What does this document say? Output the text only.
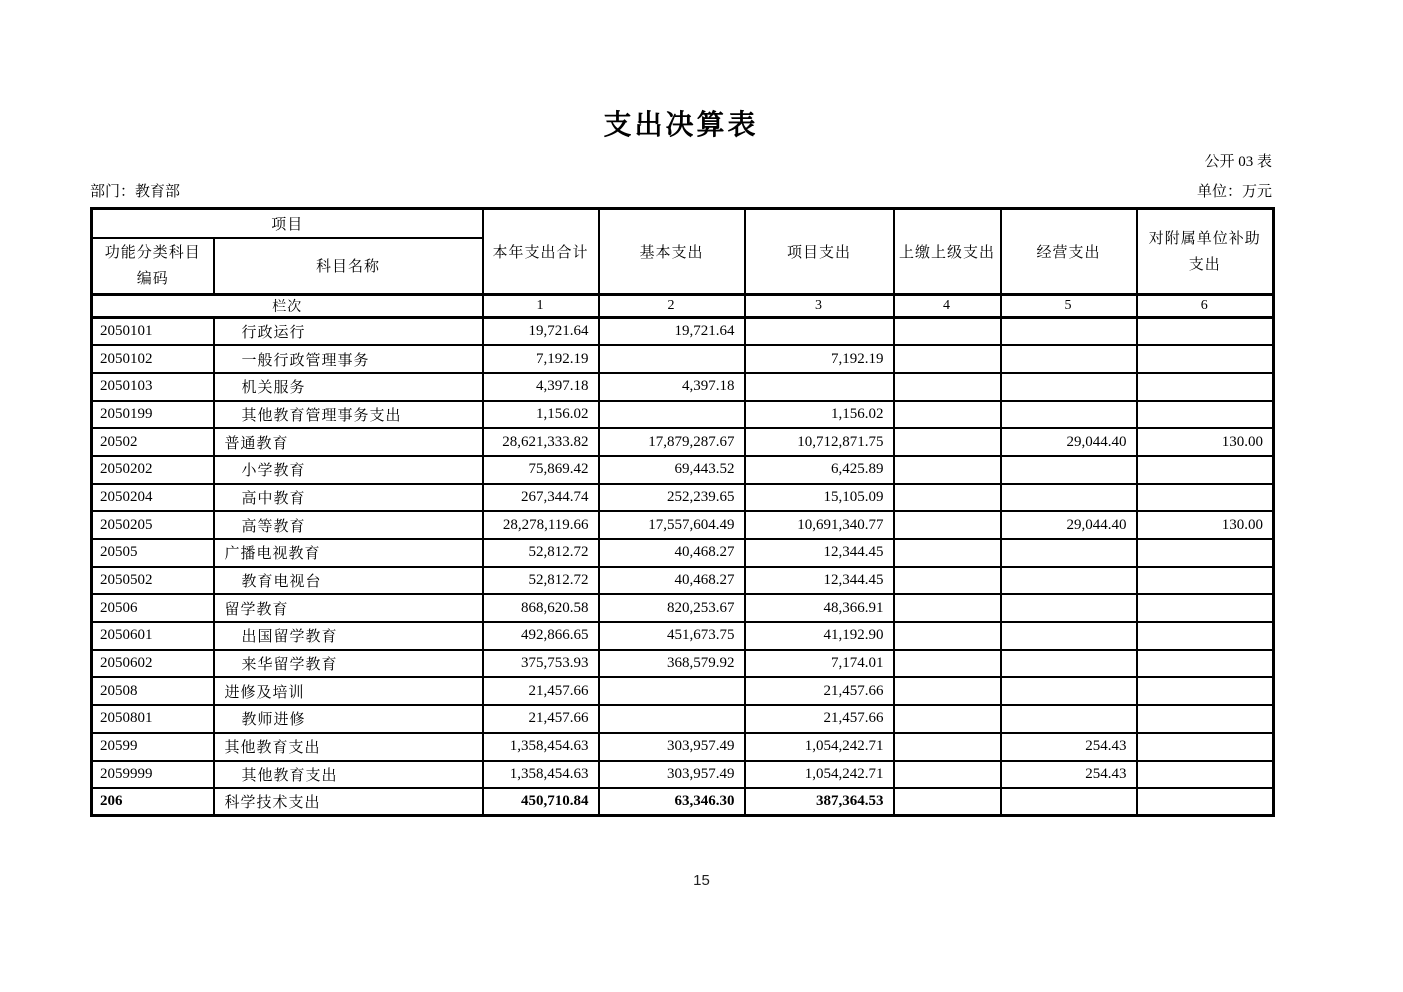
支出决算表
公开 03 表
部门：教育部	单位：万元
项目		本年支出合计	基本支出	项目支出	上缴上级支出	经营支出	对附属单位补助
支出

功能分类科目
编码	科目名称						
栏次		1	2	3	4	5	6
2050101	行政运行	19,721.64	19,721.64				
2050102	一般行政管理事务	7,192.19		7,192.19			
2050103	机关服务	4,397.18	4,397.18				
2050199	其他教育管理事务支出	1,156.02		1,156.02			
20502	普通教育	28,621,333.82	17,879,287.67	10,712,871.75		29,044.40	130.00
2050202	小学教育	75,869.42	69,443.52	6,425.89			
2050204	高中教育	267,344.74	252,239.65	15,105.09			
2050205	高等教育	28,278,119.66	17,557,604.49	10,691,340.77		29,044.40	130.00
20505	广播电视教育	52,812.72	40,468.27	12,344.45			
2050502	教育电视台	52,812.72	40,468.27	12,344.45			
20506	留学教育	868,620.58	820,253.67	48,366.91			
2050601	出国留学教育	492,866.65	451,673.75	41,192.90			
2050602	来华留学教育	375,753.93	368,579.92	7,174.01			
20508	进修及培训	21,457.66		21,457.66			
2050801	教师进修	21,457.66		21,457.66			
20599	其他教育支出	1,358,454.63	303,957.49	1,054,242.71		254.43	
2059999	其他教育支出	1,358,454.63	303,957.49	1,054,242.71		254.43	
206	科学技术支出	450,710.84	63,346.30	387,364.53			
15
